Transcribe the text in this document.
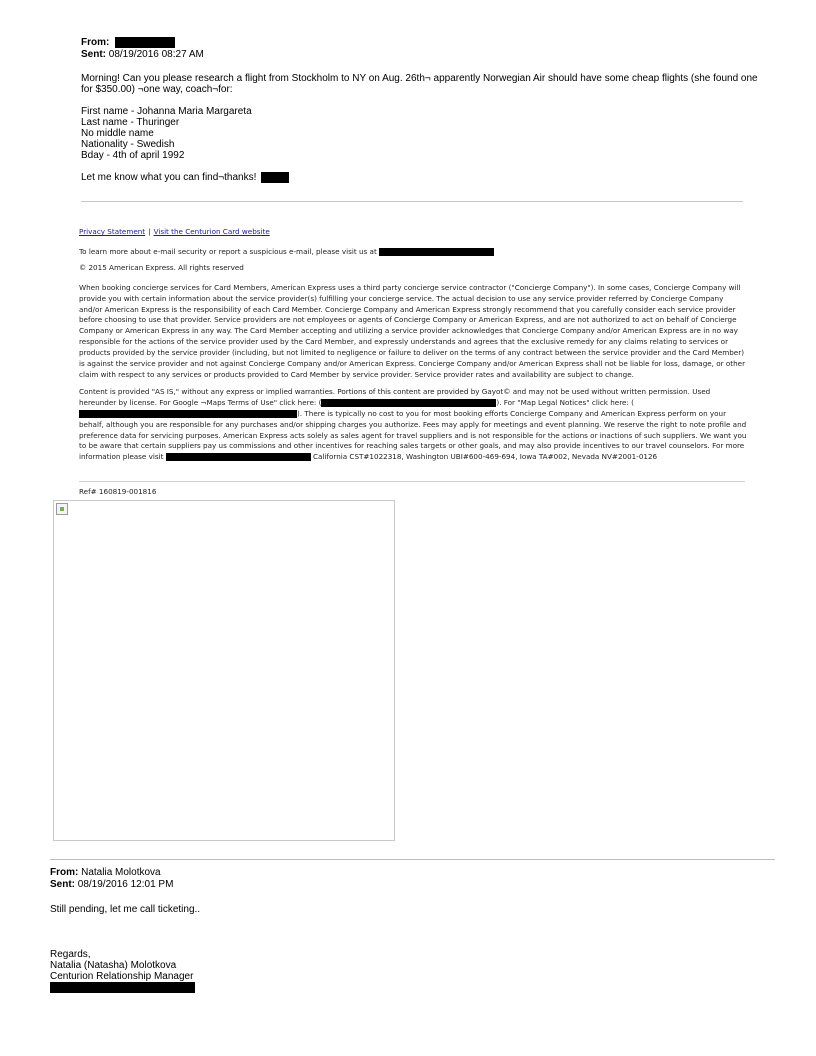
From:
Sent: 08/19/2016 08:27 AM
Morning! Can you please research a flight from Stockholm to NY on Aug. 26th¬ apparently Norwegian Air should have some cheap flights (she found one for $350.00) ¬one way, coach¬for:
First name - Johanna Maria Margareta
Last name - Thuringer
No middle name
Nationality - Swedish
Bday - 4th of april 1992
Let me know what you can find¬thanks!

Privacy Statement | Visit the Centurion Card website

To learn more about e-mail security or report a suspicious e-mail, please visit us at

© 2015 American Express. All rights reserved

When booking concierge services for Card Members, American Express uses a third party concierge service contractor ("Concierge Company"). In some cases, Concierge Company will provide you with certain information about the service provider(s) fulfilling your concierge service. The actual decision to use any service provider referred by Concierge Company and/or American Express is the responsibility of each Card Member. Concierge Company and American Express strongly recommend that you carefully consider each service provider before choosing to use that provider. Service providers are not employees or agents of Concierge Company or American Express, and are not authorized to act on behalf of Concierge Company or American Express in any way. The Card Member accepting and utilizing a service provider acknowledges that Concierge Company and/or American Express are in no way responsible for the actions of the service provider used by the Card Member, and expressly understands and agrees that the exclusive remedy for any claims relating to services or products provided by the service provider (including, but not limited to negligence or failure to deliver on the terms of any contract between the service provider and the Card Member) is against the service provider and not against Concierge Company and/or American Express. Concierge Company and/or American Express shall not be liable for loss, damage, or other claim with respect to any services or products provided to Card Member by service provider. Service provider rates and availability are subject to change.

Content is provided "AS IS," without any express or implied warranties. Portions of this content are provided by Gayot© and may not be used without written permission. Used hereunder by license. For Google ¬Maps Terms of Use" click here: (	). For "Map Legal Notices" click here: (). There is typically no cost to you for most booking efforts Concierge Company and American Express perform on your behalf, although you are responsible for any purchases and/or shipping charges you authorize. Fees may apply for meetings and event planning. We reserve the right to note profile and preference data for servicing purposes. American Express acts solely as sales agent for travel suppliers and is not responsible for the actions or inactions of such suppliers. We want you to be aware that certain suppliers pay us commissions and other incentives for reaching sales targets or other goals, and may also provide incentives to our travel counselors. For more information please visit	California CST#1022318, Washington UBI#600-469-694, Iowa TA#002, Nevada NV#2001-0126

Ref# 160819-001816
From: Natalia Molotkova
Sent: 08/19/2016 12:01 PM
Still pending, let me call ticketing..
Regards,
Natalia (Natasha) Molotkova
Centurion Relationship Manager
